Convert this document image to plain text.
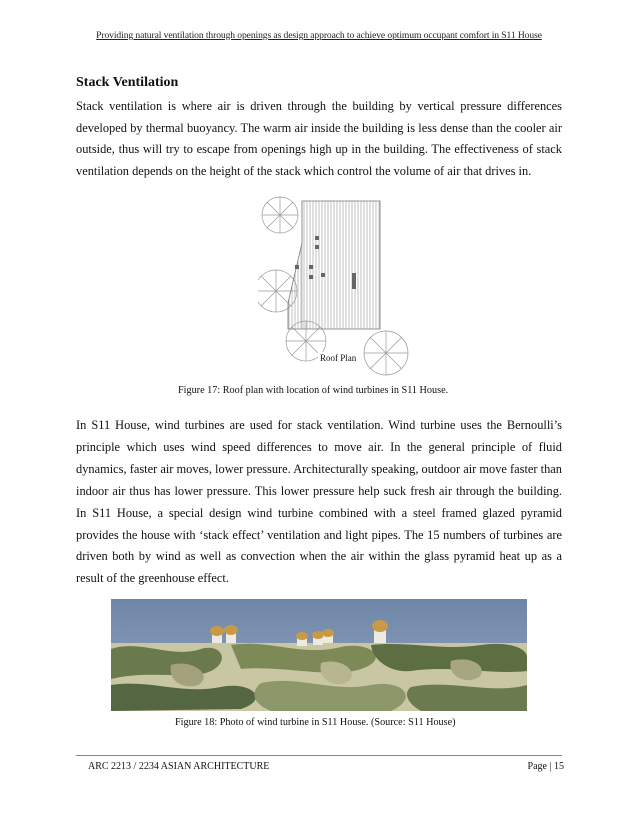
Providing natural ventilation through openings as design approach to achieve optimum occupant comfort in S11 House
Stack Ventilation

Stack ventilation is where air is driven through the building by vertical pressure differences developed by thermal buoyancy. The warm air inside the building is less dense than the cooler air outside, thus will try to escape from openings high up in the building. The effectiveness of stack ventilation depends on the height of the stack which control the volume of air that drives in.

Roof Plan
Figure 17: Roof plan with location of wind turbines in S11 House.

In S11 House, wind turbines are used for stack ventilation. Wind turbine uses the Bernoulli’s principle which uses wind speed differences to move air. In the general principle of fluid dynamics, faster air moves, lower pressure. Architecturally speaking, outdoor air move faster than indoor air thus has lower pressure. This lower pressure help suck fresh air through the building. In S11 House, a special design wind turbine combined with a steel framed glazed pyramid provides the house with ‘stack effect’ ventilation and light pipes. The 15 numbers of turbines are driven both by wind as well as convection when the air within the glass pyramid heat up as a result of the greenhouse effect.

Figure 18: Photo of wind turbine in S11 House. (Source: S11 House)
ARC 2213 / 2234 ASIAN ARCHITECTURE	Page | 15
